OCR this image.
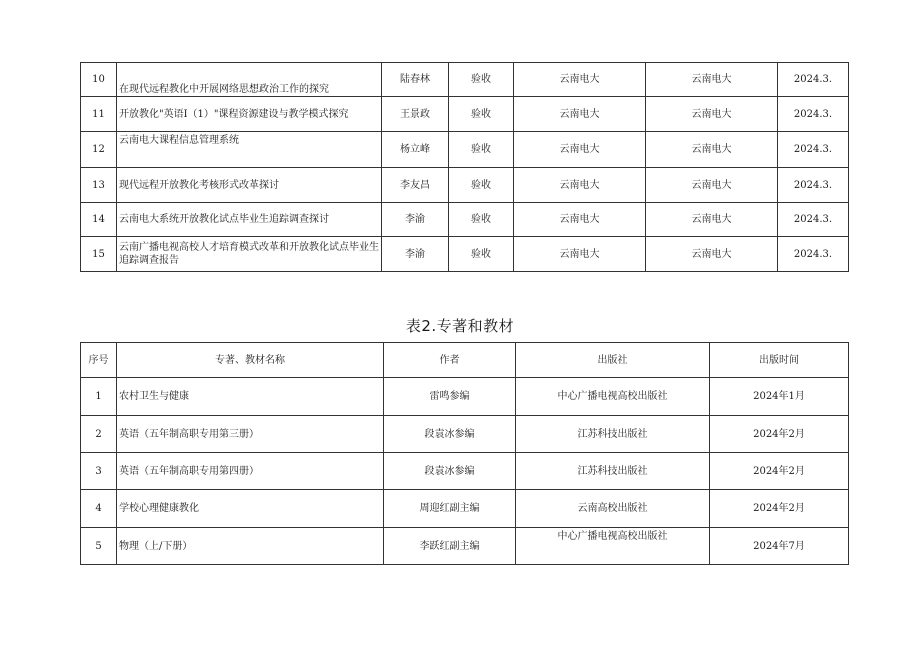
10	在现代远程教化中开展网络思想政治工作的探究	陆春林	验收	云南电大	云南电大	2024.3.
11	开放教化"英语I（1）"课程资源建设与教学模式探究	王景政	验收	云南电大	云南电大	2024.3.
12	云南电大课程信息管理系统	杨立峰	验收	云南电大	云南电大	2024.3.
13	现代远程开放教化考核形式改革探讨	李友昌	验收	云南电大	云南电大	2024.3.
14	云南电大系统开放教化试点毕业生追踪调查探讨	李渝	验收	云南电大	云南电大	2024.3.
15	云南广播电视高校人才培育模式改革和开放教化试点毕业生追踪调查报告	李渝	验收	云南电大	云南电大	2024.3.
表2.专著和教材
序号	专著、教材名称	作者	出版社	出版时间
1	农村卫生与健康	雷鸣参编	中心广播电视高校出版社	2024年1月
2	英语（五年制高职专用第三册）	段袁冰参编	江苏科技出版社	2024年2月
3	英语（五年制高职专用第四册）	段袁冰参编	江苏科技出版社	2024年2月
4	学校心理健康教化	周迎红副主编	云南高校出版社	2024年2月
5	物理（上/下册）	李跃红副主编	中心广播电视高校出版社	2024年7月
